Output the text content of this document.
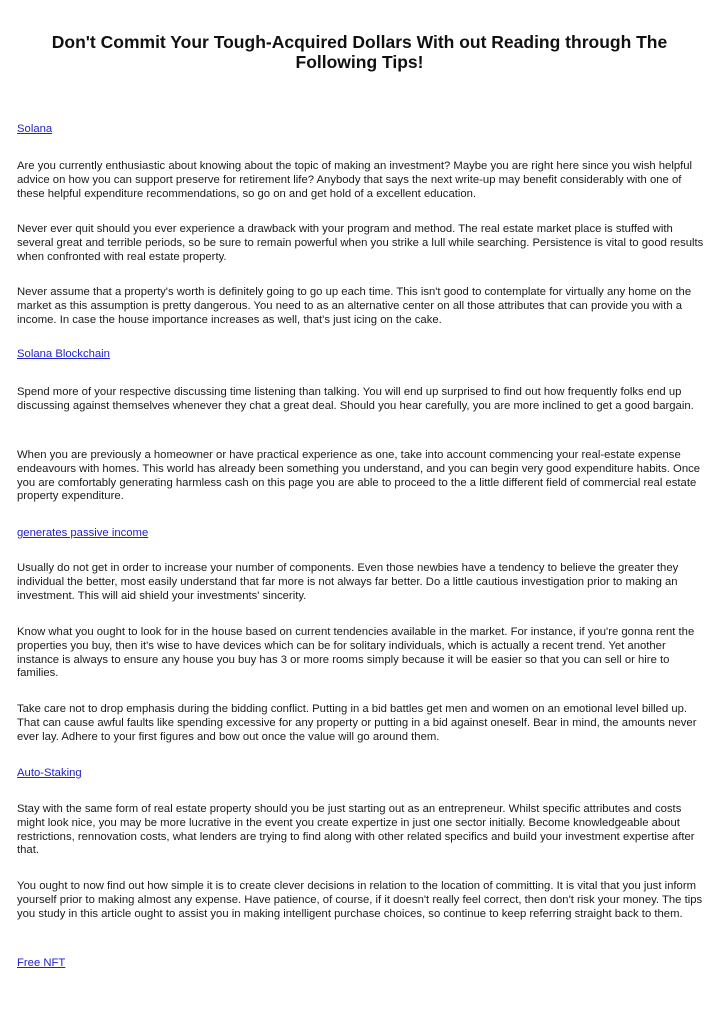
Don't Commit Your Tough-Acquired Dollars With out Reading through The Following Tips!

Solana

Are you currently enthusiastic about knowing about the topic of making an investment? Maybe you are right here since you wish helpful advice on how you can support preserve for retirement life? Anybody that says the next write-up may benefit considerably with one of these helpful expenditure recommendations, so go on and get hold of a excellent education.

Never ever quit should you ever experience a drawback with your program and method. The real estate market place is stuffed with several great and terrible periods, so be sure to remain powerful when you strike a lull while searching. Persistence is vital to good results when confronted with real estate property.

Never assume that a property's worth is definitely going to go up each time. This isn't good to contemplate for virtually any home on the market as this assumption is pretty dangerous. You need to as an alternative center on all those attributes that can provide you with a income. In case the house importance increases as well, that's just icing on the cake.

Solana Blockchain

Spend more of your respective discussing time listening than talking. You will end up surprised to find out how frequently folks end up discussing against themselves whenever they chat a great deal. Should you hear carefully, you are more inclined to get a good bargain.

When you are previously a homeowner or have practical experience as one, take into account commencing your real-estate expense endeavours with homes. This world has already been something you understand, and you can begin very good expenditure habits. Once you are comfortably generating harmless cash on this page you are able to proceed to the a little different field of commercial real estate property expenditure.

generates passive income

Usually do not get in order to increase your number of components. Even those newbies have a tendency to believe the greater they individual the better, most easily understand that far more is not always far better. Do a little cautious investigation prior to making an investment. This will aid shield your investments' sincerity.

Know what you ought to look for in the house based on current tendencies available in the market. For instance, if you're gonna rent the properties you buy, then it's wise to have devices which can be for solitary individuals, which is actually a recent trend. Yet another instance is always to ensure any house you buy has 3 or more rooms simply because it will be easier so that you can sell or hire to families.

Take care not to drop emphasis during the bidding conflict. Putting in a bid battles get men and women on an emotional level billed up. That can cause awful faults like spending excessive for any property or putting in a bid against oneself. Bear in mind, the amounts never ever lay. Adhere to your first figures and bow out once the value will go around them.

Auto-Staking

Stay with the same form of real estate property should you be just starting out as an entrepreneur. Whilst specific attributes and costs might look nice, you may be more lucrative in the event you create expertize in just one sector initially. Become knowledgeable about restrictions, rennovation costs, what lenders are trying to find along with other related specifics and build your investment expertise after that.

You ought to now find out how simple it is to create clever decisions in relation to the location of committing. It is vital that you just inform yourself prior to making almost any expense. Have patience, of course, if it doesn't really feel correct, then don't risk your money. The tips you study in this article ought to assist you in making intelligent purchase choices, so continue to keep referring straight back to them.

Free NFT
